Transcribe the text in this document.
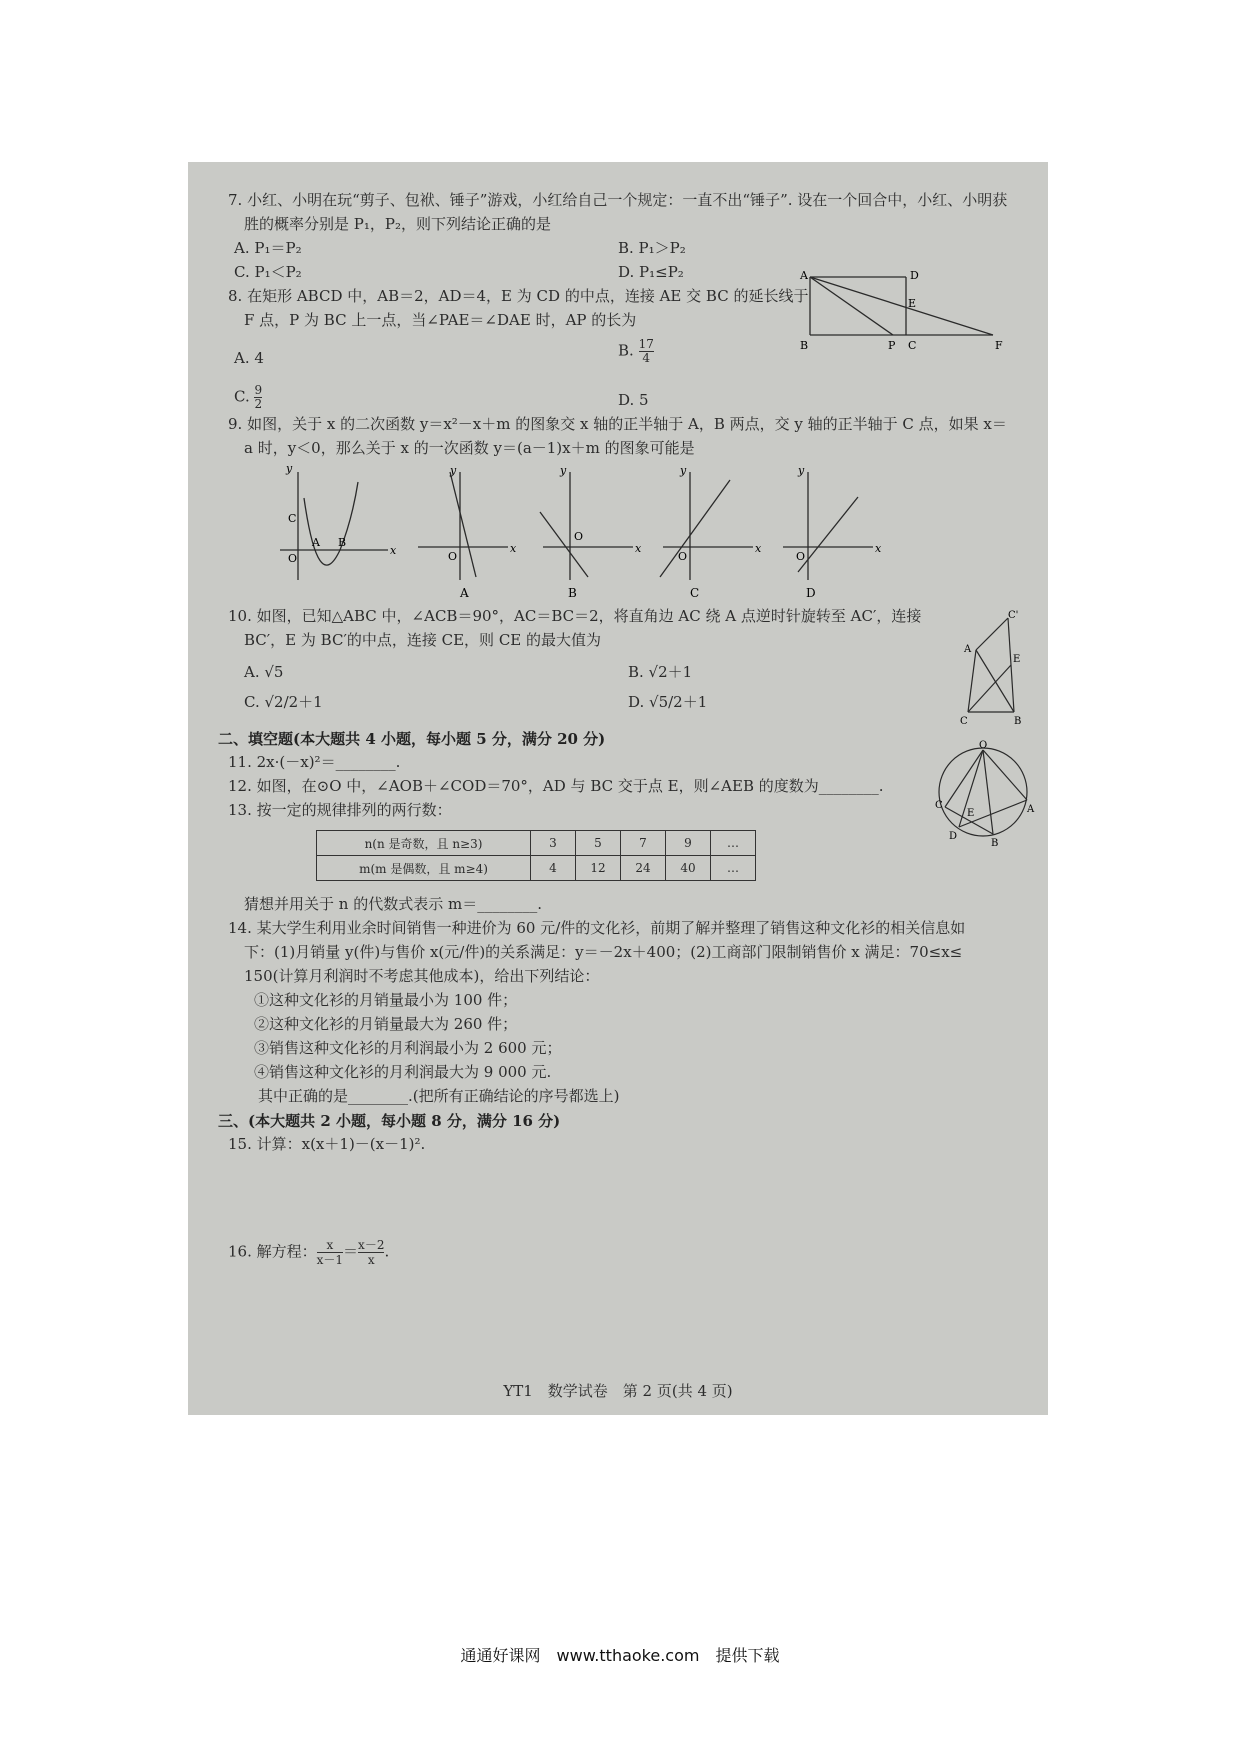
7. 小红、小明在玩“剪子、包袱、锤子”游戏，小红给自己一个规定：一直不出“锤子”. 设在一个回合中，小红、小明获
胜的概率分别是 P₁，P₂，则下列结论正确的是
A. P₁＝P₂	B. P₁＞P₂
C. P₁＜P₂	D. P₁≤P₂
8. 在矩形 ABCD 中，AB＝2，AD＝4，E 为 CD 的中点，连接 AE 交 BC 的延长线于
F 点，P 为 BC 上一点，当∠PAE＝∠DAE 时，AP 的长为
A. 4	B. $\frac{17}{4}$
C. $\frac{9}{2}$	D. 5
A	D
E
B	P C	F
9. 如图，关于 x 的二次函数 y＝x²－x＋m 的图象交 x 轴的正半轴于 A，B 两点，交 y 轴的正半轴于 C 点，如果 x＝
a 时，y＜0，那么关于 x 的一次函数 y＝(a－1)x＋m 的图象可能是
y
C
O
A B
x
y
O
x
A
y
O
x
B
y
O
x
C
y
O
x
D
10. 如图，已知△ABC 中，∠ACB＝90°，AC＝BC＝2，将直角边 AC 绕 A 点逆时针旋转至 AC′，连接
BC′，E 为 BC′的中点，连接 CE，则 CE 的最大值为
A. √5	B. √2＋1
C. √2/2＋1	D. √5/2＋1
C'
A
E
C	B
二、填空题(本大题共 4 小题，每小题 5 分，满分 20 分)
11. 2x·(－x)²＝________.
12. 如图，在⊙O 中，∠AOB＋∠COD＝70°，AD 与 BC 交于点 E，则∠AEB 的度数为________.
O
C
E	A
D
B
13. 按一定的规律排列的两行数：
n(n 是奇数，且 n≥3)	3	5	7	9	…
m(m 是偶数，且 m≥4)	4	12	24	40	…
猜想并用关于 n 的代数式表示 m＝________.
14. 某大学生利用业余时间销售一种进价为 60 元/件的文化衫，前期了解并整理了销售这种文化衫的相关信息如
下：(1)月销量 y(件)与售价 x(元/件)的关系满足：y＝－2x＋400；(2)工商部门限制销售价 x 满足：70≤x≤
150(计算月利润时不考虑其他成本)，给出下列结论：
①这种文化衫的月销量最小为 100 件；
②这种文化衫的月销量最大为 260 件；
③销售这种文化衫的月利润最小为 2 600 元；
④销售这种文化衫的月利润最大为 9 000 元.
其中正确的是________.(把所有正确结论的序号都选上)
三、(本大题共 2 小题，每小题 8 分，满分 16 分)
15. 计算：x(x＋1)－(x－1)².
16. 解方程： $\frac{x}{x-1} = \frac{x-2}{x}$ .
YT1　数学试卷　第 2 页(共 4 页)
通通好课网　www.tthaoke.com　提供下载
